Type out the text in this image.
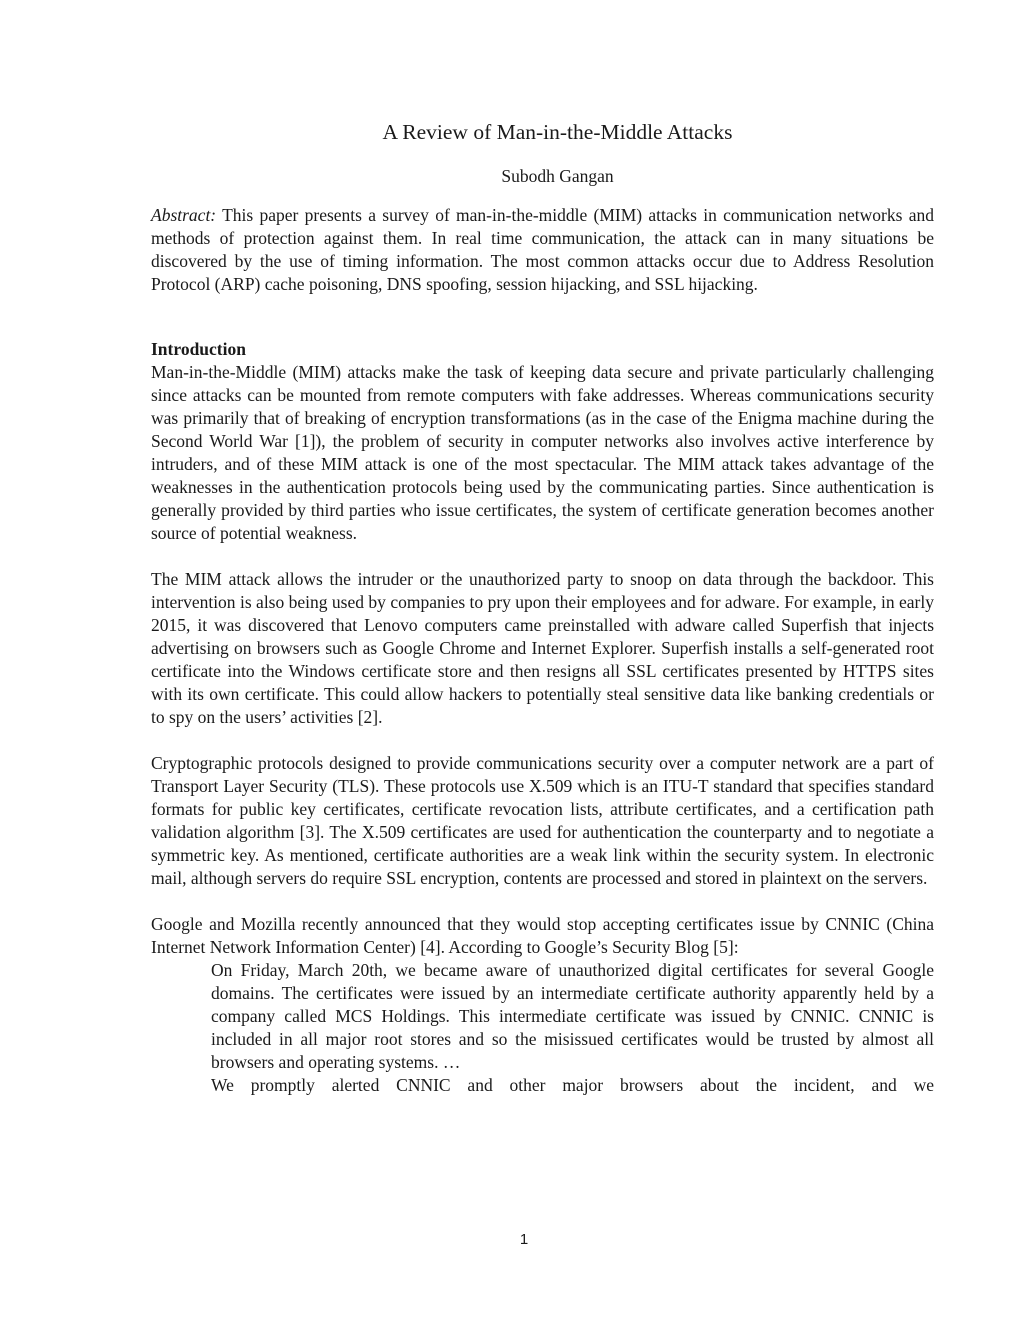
A Review of Man-in-the-Middle Attacks
Subodh Gangan

Abstract: This paper presents a survey of man-in-the-middle (MIM) attacks in communication networks and methods of protection against them. In real time communication, the attack can in many situations be discovered by the use of timing information. The most common attacks occur due to Address Resolution Protocol (ARP) cache poisoning, DNS spoofing, session hijacking, and SSL hijacking.

Introduction

Man-in-the-Middle (MIM) attacks make the task of keeping data secure and private particularly challenging since attacks can be mounted from remote computers with fake addresses. Whereas communications security was primarily that of breaking of encryption transformations (as in the case of the Enigma machine during the Second World War [1]), the problem of security in computer networks also involves active interference by intruders, and of these MIM attack is one of the most spectacular. The MIM attack takes advantage of the weaknesses in the authentication protocols being used by the communicating parties. Since authentication is generally provided by third parties who issue certificates, the system of certificate generation becomes another source of potential weakness.

The MIM attack allows the intruder or the unauthorized party to snoop on data through the backdoor. This intervention is also being used by companies to pry upon their employees and for adware. For example, in early 2015, it was discovered that Lenovo computers came preinstalled with adware called Superfish that injects advertising on browsers such as Google Chrome and Internet Explorer. Superfish installs a self-generated root certificate into the Windows certificate store and then resigns all SSL certificates presented by HTTPS sites with its own certificate. This could allow hackers to potentially steal sensitive data like banking credentials or to spy on the users’ activities [2].

Cryptographic protocols designed to provide communications security over a computer network are a part of Transport Layer Security (TLS). These protocols use X.509 which is an ITU-T standard that specifies standard formats for public key certificates, certificate revocation lists, attribute certificates, and a certification path validation algorithm [3]. The X.509 certificates are used for authentication the counterparty and to negotiate a symmetric key. As mentioned, certificate authorities are a weak link within the security system. In electronic mail, although servers do require SSL encryption, contents are processed and stored in plaintext on the servers.

Google and Mozilla recently announced that they would stop accepting certificates issue by CNNIC (China Internet Network Information Center) [4]. According to Google’s Security Blog [5]:

On Friday, March 20th, we became aware of unauthorized digital certificates for several Google domains. The certificates were issued by an intermediate certificate authority apparently held by a company called MCS Holdings. This intermediate certificate was issued by CNNIC. CNNIC is included in all major root stores and so the misissued certificates would be trusted by almost all browsers and operating systems. …

We promptly alerted CNNIC and other major browsers about the incident, and we

1
